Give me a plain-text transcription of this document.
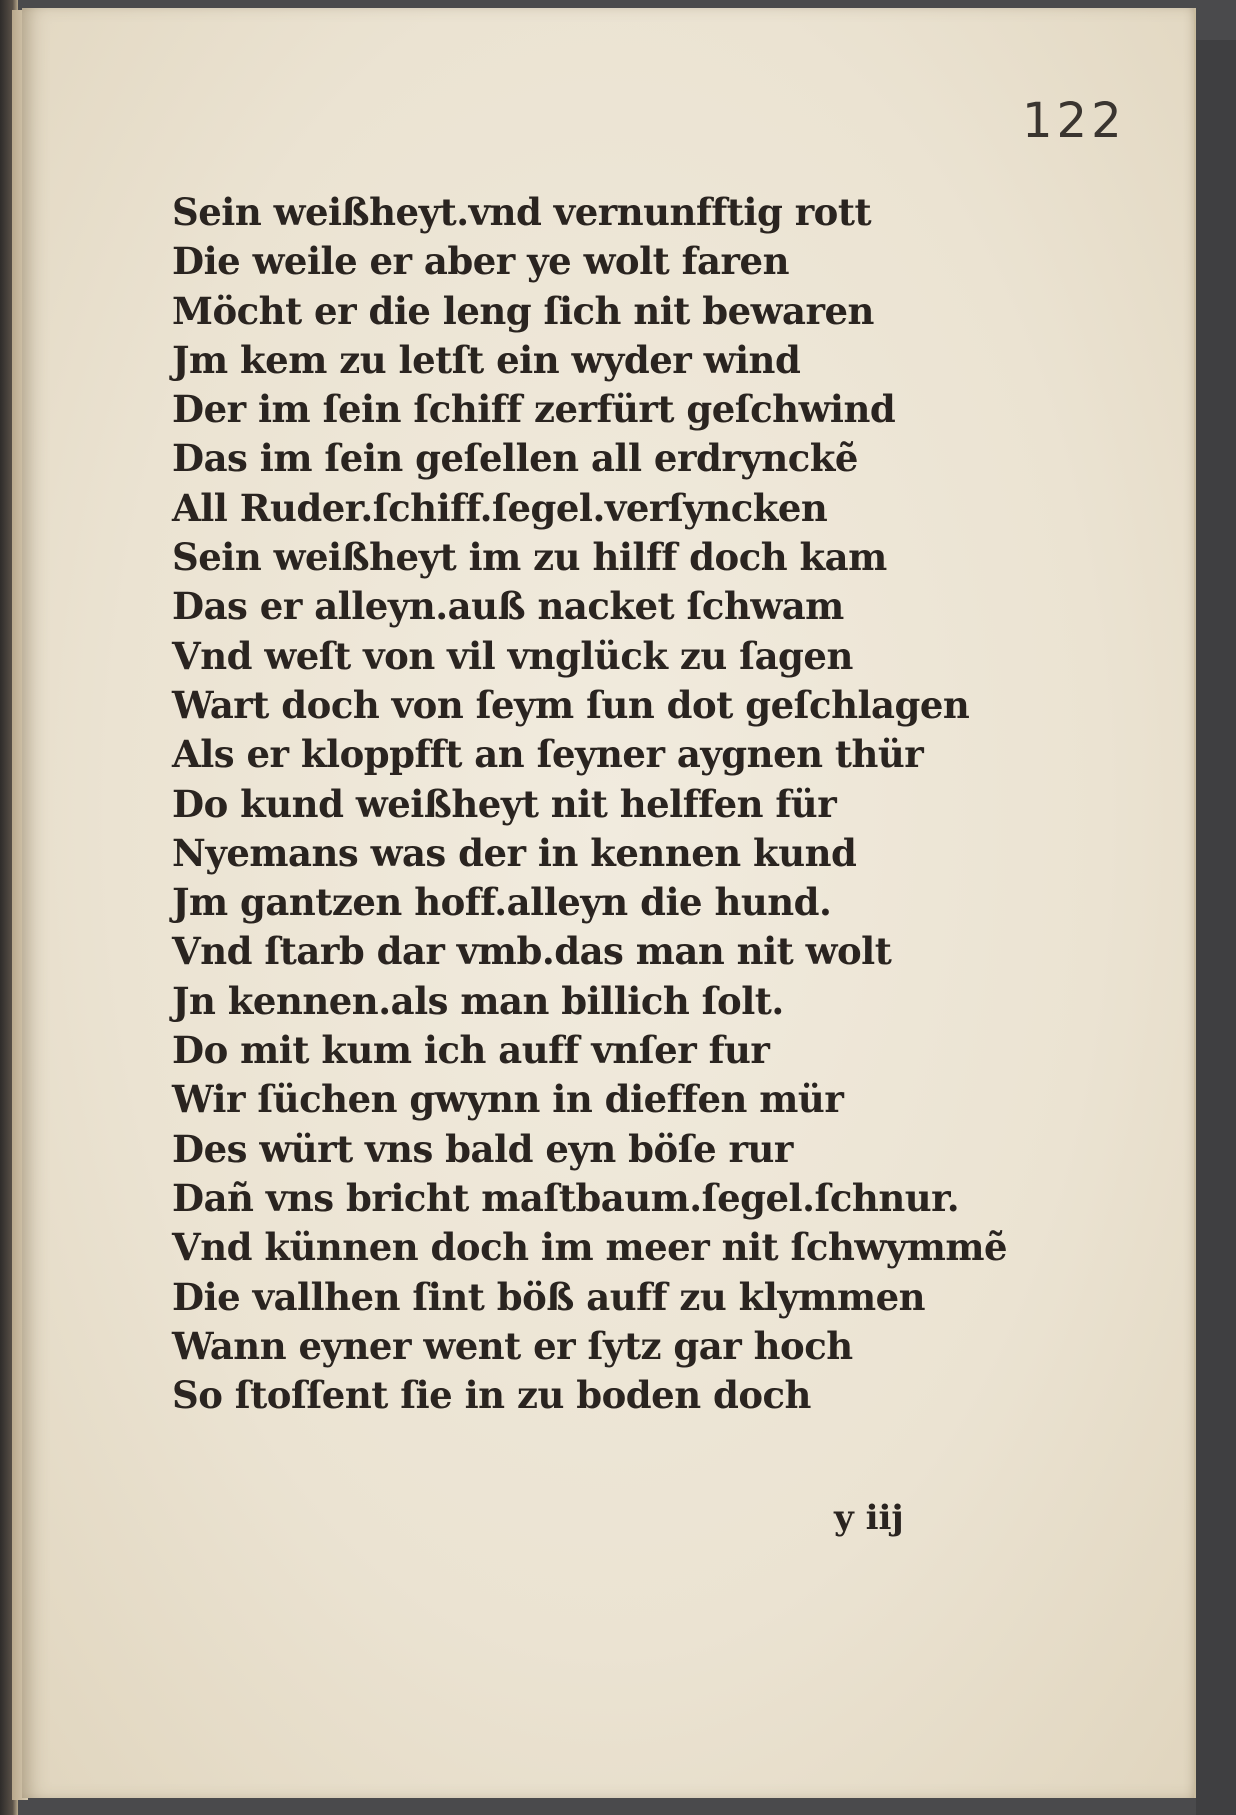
122
Sein weißheyt.vnd vernunfftig rott
Die weile er aber ye wolt faren
Möcht er die leng ſich nit bewaren
Jm kem zu letſt ein wyder wind
Der im ſein ſchiff zerfürt geſchwind
Das im ſein geſellen all erdrynckẽ
All Ruder.ſchiff.ſegel.verſyncken
Sein weißheyt im zu hilff doch kam
Das er alleyn.auß nacket ſchwam
Vnd weſt von vil vnglück zu ſagen
Wart doch von ſeym ſun dot geſchlagen
Als er kloppfft an ſeyner aygnen thür
Do kund weißheyt nit helffen für
Nyemans was der in kennen kund
Jm gantzen hoff.alleyn die hund.
Vnd ſtarb dar vmb.das man nit wolt
Jn kennen.als man billich ſolt.
Do mit kum ich auff vnſer fur
Wir ſüchen gwynn in dieffen mür
Des würt vns bald eyn böſe rur
Dañ vns bricht maſtbaum.ſegel.ſchnur.
Vnd künnen doch im meer nit ſchwymmẽ
Die vallhen ſint böß auff zu klymmen
Wann eyner went er ſytz gar hoch
So ſtoſſent ſie in zu boden doch
y iij
